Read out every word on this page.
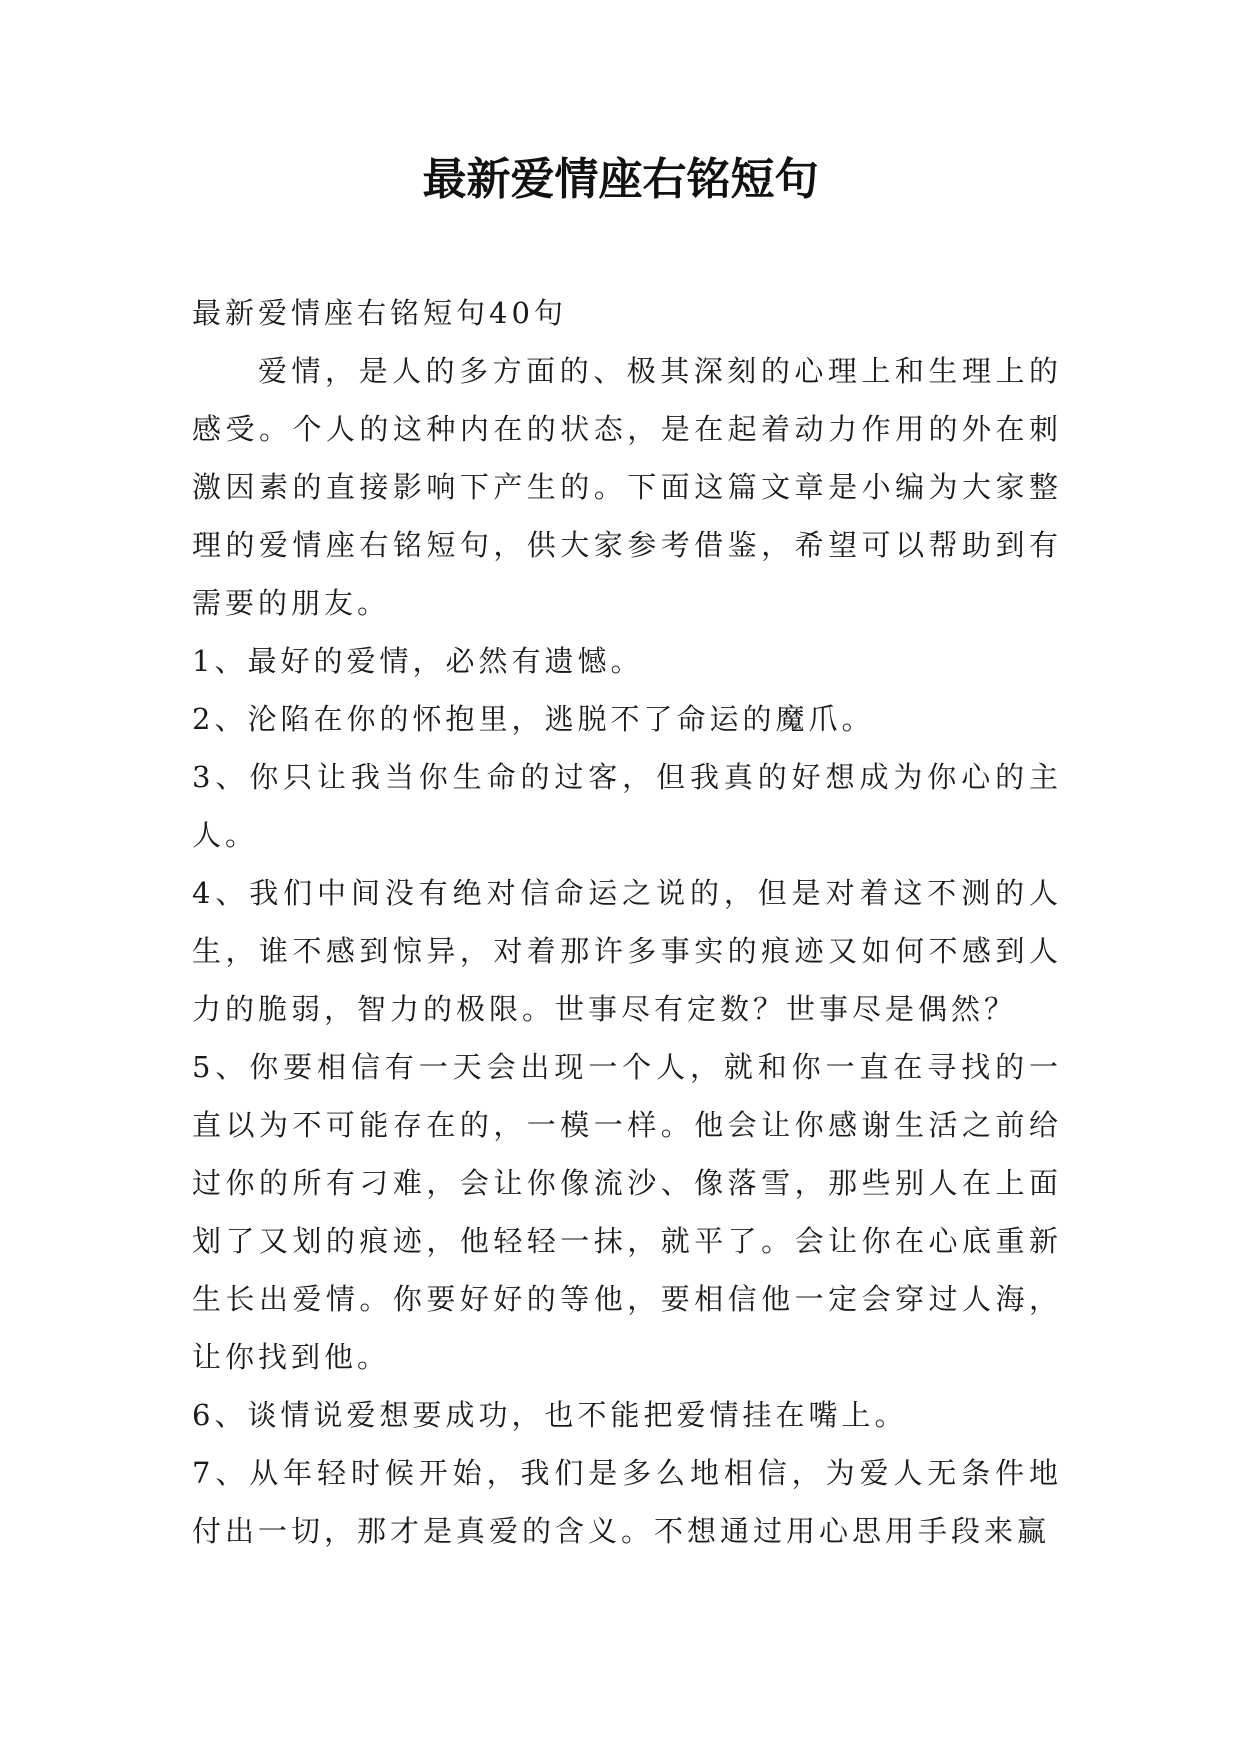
最新爱情座右铭短句

最新爱情座右铭短句40句

爱情，是人的多方面的、极其深刻的心理上和生理上的感受。个人的这种内在的状态，是在起着动力作用的外在刺激因素的直接影响下产生的。下面这篇文章是小编为大家整理的爱情座右铭短句，供大家参考借鉴，希望可以帮助到有需要的朋友。

1、最好的爱情，必然有遗憾。

2、沦陷在你的怀抱里，逃脱不了命运的魔爪。

3、你只让我当你生命的过客，但我真的好想成为你心的主人。

4、我们中间没有绝对信命运之说的，但是对着这不测的人生，谁不感到惊异，对着那许多事实的痕迹又如何不感到人力的脆弱，智力的极限。世事尽有定数？世事尽是偶然？

5、你要相信有一天会出现一个人，就和你一直在寻找的一直以为不可能存在的，一模一样。他会让你感谢生活之前给过你的所有刁难，会让你像流沙、像落雪，那些别人在上面划了又划的痕迹，他轻轻一抹，就平了。会让你在心底重新生长出爱情。你要好好的等他，要相信他一定会穿过人海，让你找到他。

6、谈情说爱想要成功，也不能把爱情挂在嘴上。

7、从年轻时候开始，我们是多么地相信，为爱人无条件地付出一切，那才是真爱的含义。不想通过用心思用手段来赢
